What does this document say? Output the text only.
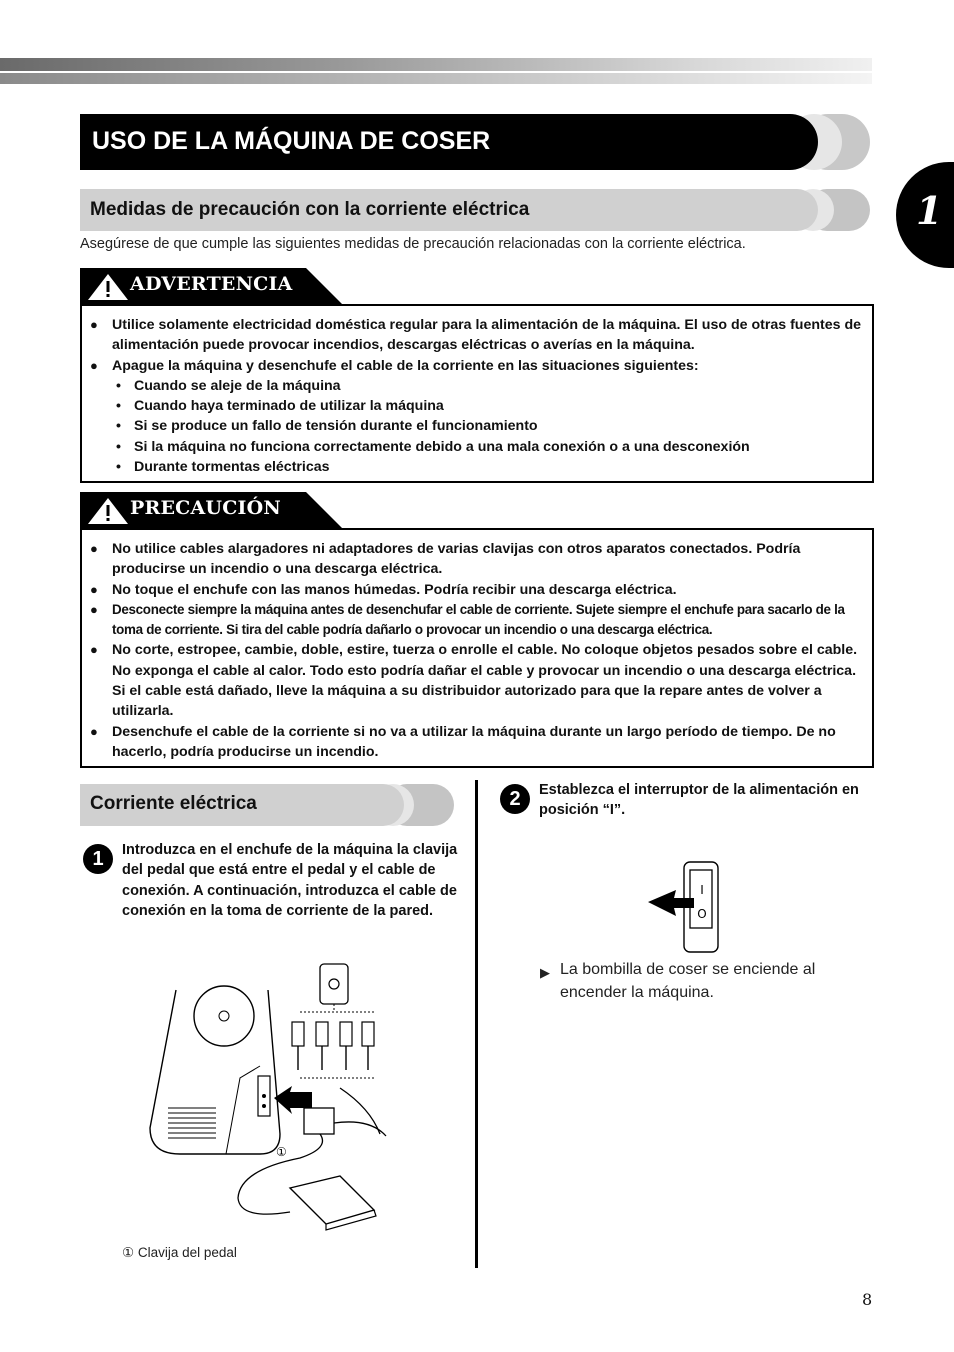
1
USO DE LA MÁQUINA DE COSER
Medidas de precaución con la corriente eléctrica
Asegúrese de que cumple las siguientes medidas de precaución relacionadas con la corriente eléctrica.
ADVERTENCIA
● Utilice solamente electricidad doméstica regular para la alimentación de la máquina. El uso de otras fuentes de alimentación puede provocar incendios, descargas eléctricas o averías en la máquina.
● Apague la máquina y desenchufe el cable de la corriente en las situaciones siguientes:
• Cuando se aleje de la máquina
• Cuando haya terminado de utilizar la máquina
• Si se produce un fallo de tensión durante el funcionamiento
• Si la máquina no funciona correctamente debido a una mala conexión o a una desconexión
• Durante tormentas eléctricas
PRECAUCIÓN
● No utilice cables alargadores ni adaptadores de varias clavijas con otros aparatos conectados. Podría producirse un incendio o una descarga eléctrica.
● No toque el enchufe con las manos húmedas. Podría recibir una descarga eléctrica.
● Desconecte siempre la máquina antes de desenchufar el cable de corriente. Sujete siempre el enchufe para sacarlo de la toma de corriente. Si tira del cable podría dañarlo o provocar un incendio o una descarga eléctrica.
● No corte, estropee, cambie, doble, estire, tuerza o enrolle el cable. No coloque objetos pesados sobre el cable. No exponga el cable al calor. Todo esto podría dañar el cable y provocar un incendio o una descarga eléctrica. Si el cable está dañado, lleve la máquina a su distribuidor autorizado para que la repare antes de volver a utilizarla.
● Desenchufe el cable de la corriente si no va a utilizar la máquina durante un largo período de tiempo. De no hacerlo, podría producirse un incendio.
Corriente eléctrica
1	Introduzca en el enchufe de la máquina la clavija del pedal que está entre el pedal y el cable de conexión. A continuación, introduzca el cable de conexión en la toma de corriente de la pared.
2	Establezca el interruptor de la alimentación en posición “I”.
①
① Clavija del pedal
I
O
▶ La bombilla de coser se enciende al encender la máquina.
8
